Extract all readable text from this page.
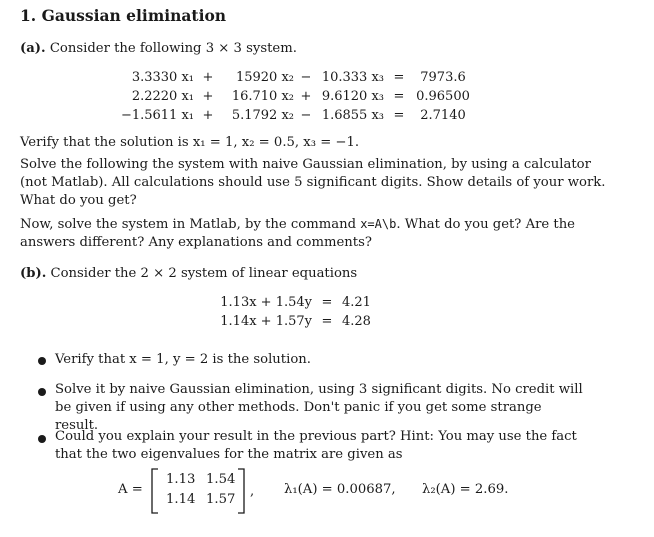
1. Gaussian elimination
(a). Consider the following 3 × 3 system.
3.3330 x₁	+	15920 x₂	−	10.333 x₃	=	7973.6
2.2220 x₁	+	16.710 x₂	+	9.6120 x₃	=	0.96500
−1.5611 x₁	+	5.1792 x₂	−	1.6855 x₃	=	2.7140
Verify that the solution is x₁ = 1, x₂ = 0.5, x₃ = −1.
Solve the following the system with naive Gaussian elimination, by using a calculator (not Matlab). All calculations should use 5 significant digits. Show details of your work. What do you get?
Now, solve the system in Matlab, by the command x=A\b. What do you get? Are the answers different? Any explanations and comments?
(b). Consider the 2 × 2 system of linear equations
1.13x + 1.54y	=	4.21
1.14x + 1.57y	=	4.28
Verify that x = 1, y = 2 is the solution.
Solve it by naive Gaussian elimination, using 3 significant digits. No credit will be given if using any other methods. Don't panic if you get some strange result.
Could you explain your result in the previous part? Hint: You may use the fact that the two eigenvalues for the matrix are given as
A =
1.13 1.54
1.14 1.57
, λ₁(A) = 0.00687, λ₂(A) = 2.69.
